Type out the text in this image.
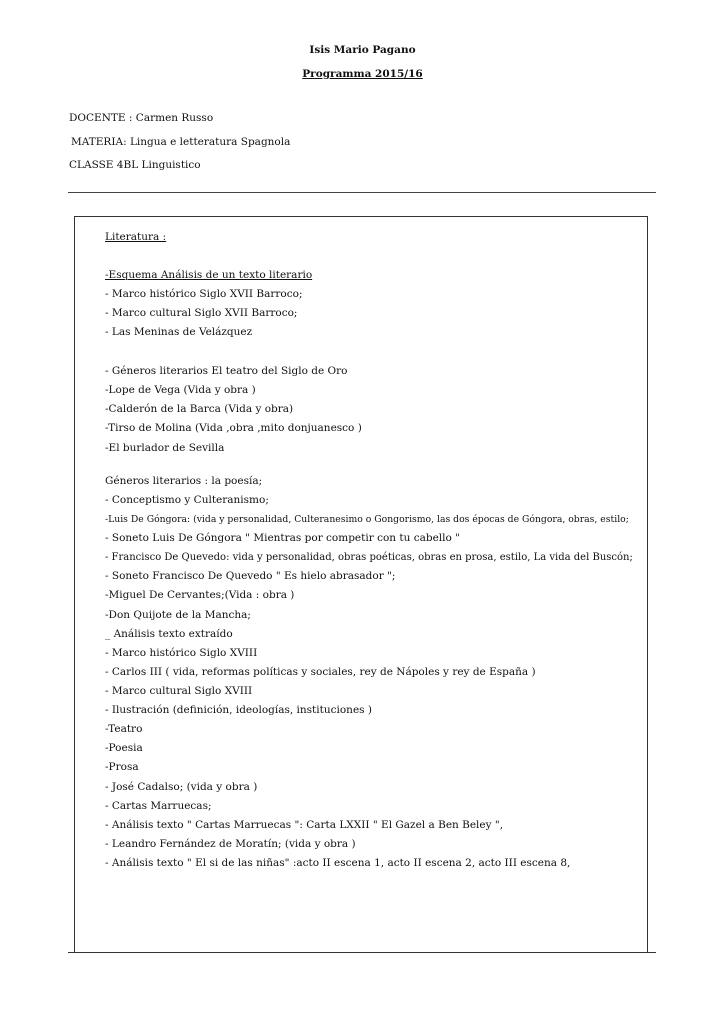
Isis Mario Pagano
Programma 2015/16
DOCENTE : Carmen Russo
MATERIA: Lingua e letteratura Spagnola
CLASSE 4BL Linguistico
Literatura :
-Esquema Análisis de un texto literario
- Marco histórico Siglo XVII Barroco;
- Marco cultural Siglo XVII Barroco;
- Las Meninas de Velázquez
- Géneros literarios El teatro del Siglo de Oro
-Lope de Vega (Vida y obra )
-Calderón de la Barca (Vida y obra)
-Tirso de Molina (Vida ,obra ,mito donjuanesco )
-El burlador de Sevilla
Géneros literarios : la poesía;
- Conceptismo y Culteranismo;
-Luis De Góngora: (vida y personalidad, Culteranesimo o Gongorismo, las dos épocas de Góngora, obras, estilo;
- Soneto Luis De Góngora " Mientras por competir con tu cabello "
- Francisco De Quevedo: vida y personalidad, obras poéticas, obras en prosa, estilo, La vida del Buscón;
- Soneto Francisco De Quevedo " Es hielo abrasador ";
-Miguel De Cervantes;(Vida : obra )
-Don Quijote de la Mancha;
_ Análisis texto extraído
- Marco histórico Siglo XVIII
- Carlos III ( vida, reformas políticas y sociales, rey de Nápoles y rey de España )
- Marco cultural Siglo XVIII
- Ilustración (definición, ideologías, instituciones )
-Teatro
-Poesia
-Prosa
- José Cadalso; (vida y obra )
- Cartas Marruecas;
- Análisis texto " Cartas Marruecas ": Carta LXXII " El Gazel a Ben Beley ",
- Leandro Fernández de Moratín; (vida y obra )
- Análisis texto " El si de las niñas" :acto II escena 1, acto II escena 2, acto III escena 8,
